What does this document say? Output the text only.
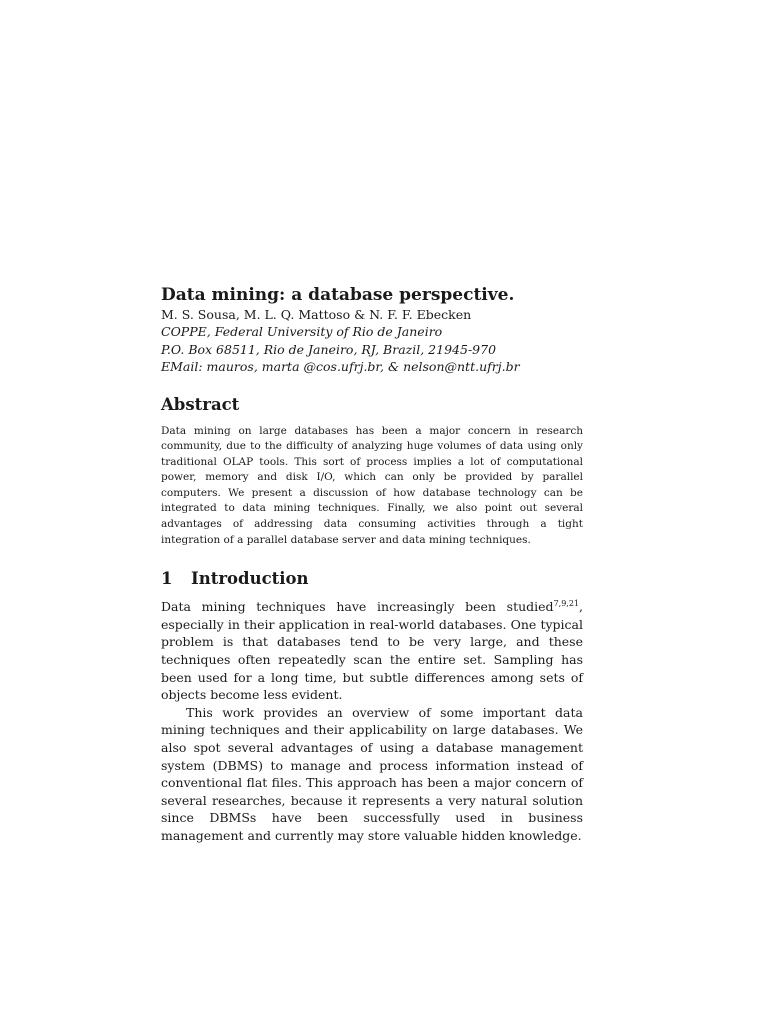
Data mining: a database perspective.

M. S. Sousa, M. L. Q. Mattoso & N. F. F. Ebecken

COPPE, Federal University of Rio de Janeiro

P.O. Box 68511, Rio de Janeiro, RJ, Brazil, 21945-970

EMail: mauros, marta @cos.ufrj.br, & nelson@ntt.ufrj.br

Abstract

Data mining on large databases has been a major concern in research community, due to the difficulty of analyzing huge volumes of data using only traditional OLAP tools. This sort of process implies a lot of computational power, memory and disk I/O, which can only be provided by parallel computers. We present a discussion of how database technology can be integrated to data mining techniques. Finally, we also point out several advantages of addressing data consuming activities through a tight integration of a parallel database server and data mining techniques.

1 Introduction

Data mining techniques have increasingly been studied$^{7,9,21}$, especially in their application in real-world databases. One typical problem is that databases tend to be very large, and these techniques often repeatedly scan the entire set. Sampling has been used for a long time, but subtle differences among sets of objects become less evident.

This work provides an overview of some important data mining techniques and their applicability on large databases. We also spot several advantages of using a database management system (DBMS) to manage and process information instead of conventional flat files. This approach has been a major concern of several researches, because it represents a very natural solution since DBMSs have been successfully used in business management and currently may store valuable hidden knowledge.
